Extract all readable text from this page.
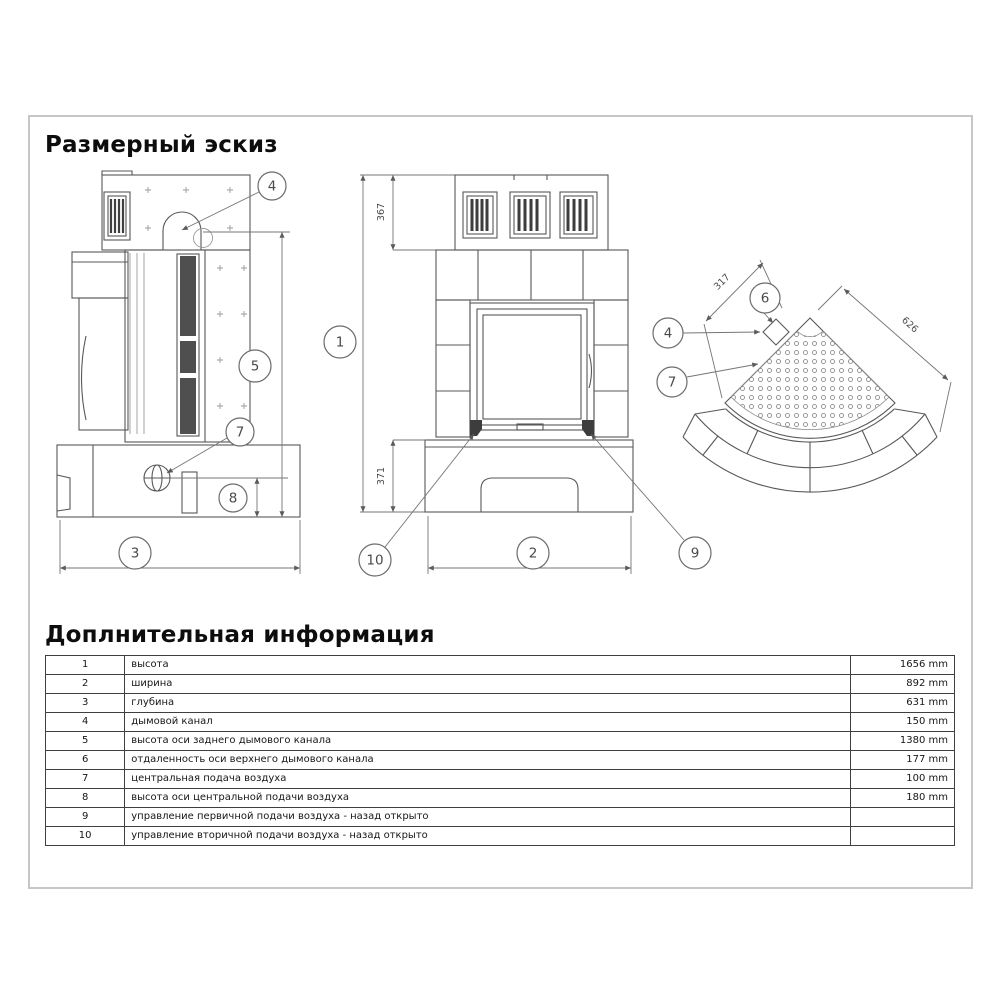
Размерный эскиз
4
5
7
8
3
367
371
1
2
10	9
317
626
6
4
7
Доплнительная информация
1	высота	1656 mm
2	ширина	892 mm
3	глубина	631 mm
4	дымовой канал	150 mm
5	высота оси заднего дымового канала	1380 mm
6	отдаленность оси верхнего дымового канала	177 mm
7	центральная подача воздуха	100 mm
8	высота оси центральной подачи воздуха	180 mm
9	управление первичной подачи воздуха - назад открыто	
10	управление вторичной подачи воздуха - назад открыто	
